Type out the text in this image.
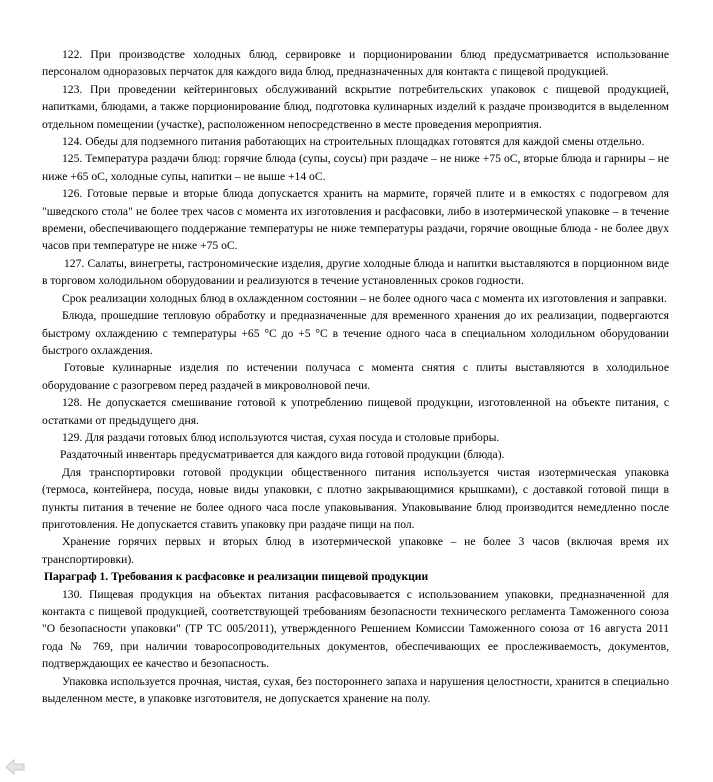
122. При производстве холодных блюд, сервировке и порционировании блюд предусматривается использование персоналом одноразовых перчаток для каждого вида блюд, предназначенных для контакта с пищевой продукцией.

123. При проведении кейтеринговых обслуживаний вскрытие потребительских упаковок с пищевой продукцией, напитками, блюдами, а также порционирование блюд, подготовка кулинарных изделий к раздаче производится в выделенном отдельном помещении (участке), расположенном непосредственно в месте проведения мероприятия.

124. Обеды для подземного питания работающих на строительных площадках готовятся для каждой смены отдельно.

125. Температура раздачи блюд: горячие блюда (супы, соусы) при раздаче – не ниже +75 оС, вторые блюда и гарниры – не ниже +65 оС, холодные супы, напитки – не выше +14 оС.

126. Готовые первые и вторые блюда допускается хранить на мармите, горячей плите и в емкостях с подогревом для "шведского стола" не более трех часов с момента их изготовления и расфасовки, либо в изотермической упаковке – в течение времени, обеспечивающего поддержание температуры не ниже температуры раздачи, горячие овощные блюда - не более двух часов при температуре не ниже +75 оС.

127. Салаты, винегреты, гастрономические изделия, другие холодные блюда и напитки выставляются в порционном виде в торговом холодильном оборудовании и реализуются в течение установленных сроков годности.

Срок реализации холодных блюд в охлажденном состоянии – не более одного часа с момента их изготовления и заправки.

Блюда, прошедшие тепловую обработку и предназначенные для временного хранения до их реализации, подвергаются быстрому охлаждению с температуры +65 °С до +5 °С в течение одного часа в специальном холодильном оборудовании быстрого охлаждения.

Готовые кулинарные изделия по истечении получаса с момента снятия с плиты выставляются в холодильное оборудование с разогревом перед раздачей в микроволновой печи.

128. Не допускается смешивание готовой к употреблению пищевой продукции, изготовленной на объекте питания, с остатками от предыдущего дня.

129. Для раздачи готовых блюд используются чистая, сухая посуда и столовые приборы.

Раздаточный инвентарь предусматривается для каждого вида готовой продукции (блюда).

Для транспортировки готовой продукции общественного питания используется чистая изотермическая упаковка (термоса, контейнера, посуда, новые виды упаковки, с плотно закрывающимися крышками), с доставкой готовой пищи в пункты питания в течение не более одного часа после упаковывания. Упаковывание блюд производится немедленно после приготовления. Не допускается ставить упаковку при раздаче пищи на пол.

Хранение горячих первых и вторых блюд в изотермической упаковке – не более 3 часов (включая время их транспортировки).

Параграф 1. Требования к расфасовке и реализации пищевой продукции

130. Пищевая продукция на объектах питания расфасовывается с использованием упаковки, предназначенной для контакта с пищевой продукцией, соответствующей требованиям безопасности технического регламента Таможенного союза "О безопасности упаковки" (ТР ТС 005/2011), утвержденного Решением Комиссии Таможенного союза от 16 августа 2011 года № 769, при наличии товаросопроводительных документов, обеспечивающих ее прослеживаемость, документов, подтверждающих ее качество и безопасность.

Упаковка используется прочная, чистая, сухая, без постороннего запаха и нарушения целостности, хранится в специально выделенном месте, в упаковке изготовителя, не допускается хранение на полу.
